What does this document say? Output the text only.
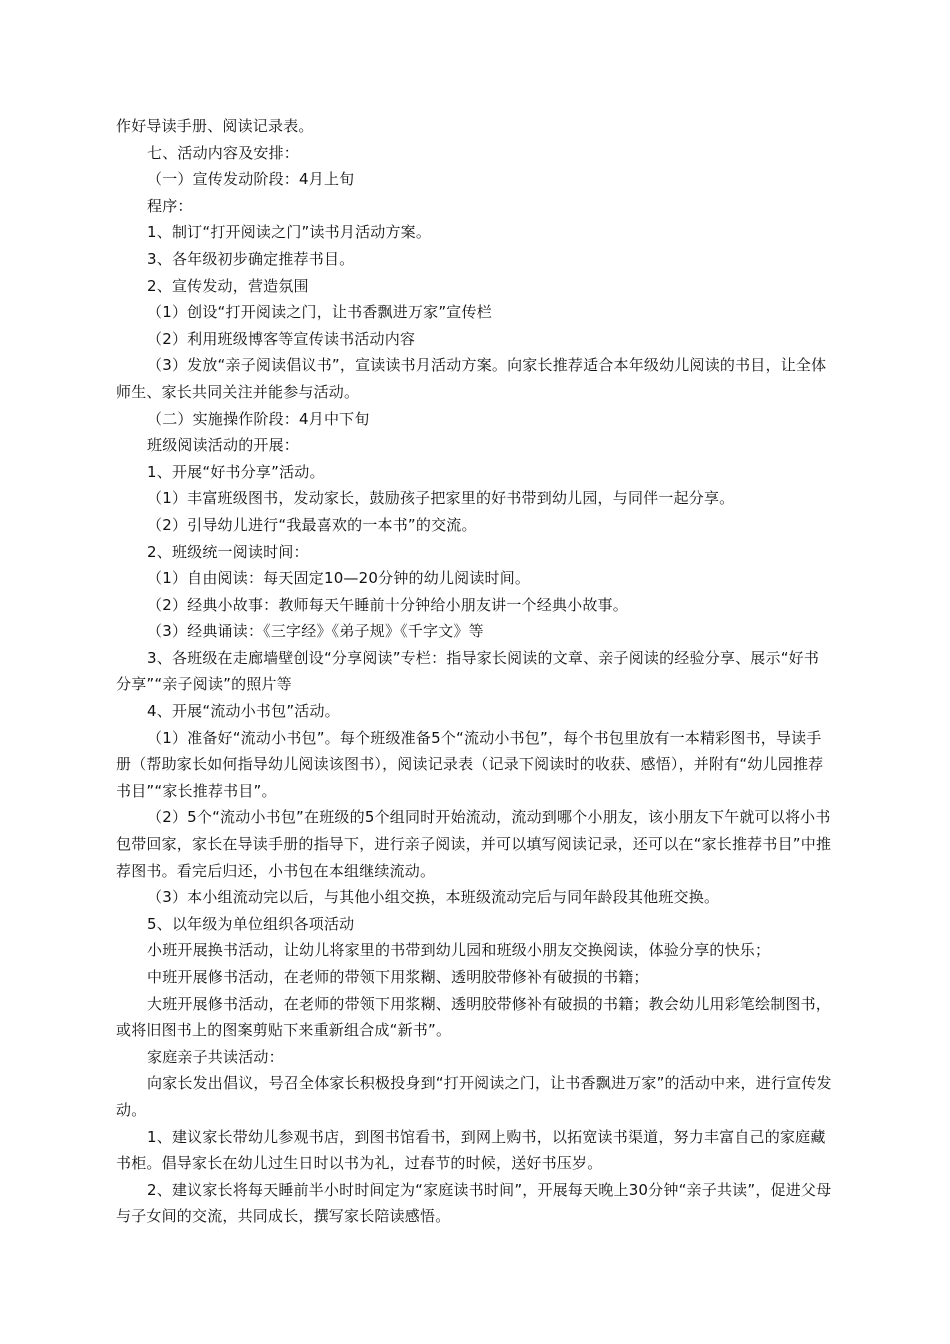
作好导读手册、阅读记录表。

七、活动内容及安排：

（一）宣传发动阶段：4月上旬

程序：

1、制订“打开阅读之门”读书月活动方案。

3、各年级初步确定推荐书目。

2、宣传发动，营造氛围

（1）创设“打开阅读之门，让书香飘进万家”宣传栏

（2）利用班级博客等宣传读书活动内容

（3）发放“亲子阅读倡议书”，宣读读书月活动方案。向家长推荐适合本年级幼儿阅读的书目，让全体师生、家长共同关注并能参与活动。

（二）实施操作阶段：4月中下旬

班级阅读活动的开展：

1、开展“好书分享”活动。

（1）丰富班级图书，发动家长，鼓励孩子把家里的好书带到幼儿园，与同伴一起分享。

（2）引导幼儿进行“我最喜欢的一本书”的交流。

2、班级统一阅读时间：

（1）自由阅读：每天固定10—20分钟的幼儿阅读时间。

（2）经典小故事：教师每天午睡前十分钟给小朋友讲一个经典小故事。

（3）经典诵读：《三字经》《弟子规》《千字文》等

3、各班级在走廊墙壁创设“分享阅读”专栏：指导家长阅读的文章、亲子阅读的经验分享、展示“好书分享”“亲子阅读”的照片等

4、开展“流动小书包”活动。

（1）准备好“流动小书包”。每个班级准备5个“流动小书包”，每个书包里放有一本精彩图书，导读手册（帮助家长如何指导幼儿阅读该图书），阅读记录表（记录下阅读时的收获、感悟），并附有“幼儿园推荐书目”“家长推荐书目”。

（2）5个“流动小书包”在班级的5个组同时开始流动，流动到哪个小朋友，该小朋友下午就可以将小书包带回家，家长在导读手册的指导下，进行亲子阅读，并可以填写阅读记录，还可以在“家长推荐书目”中推荐图书。看完后归还，小书包在本组继续流动。

（3）本小组流动完以后，与其他小组交换，本班级流动完后与同年龄段其他班交换。

5、以年级为单位组织各项活动

小班开展换书活动，让幼儿将家里的书带到幼儿园和班级小朋友交换阅读，体验分享的快乐；

中班开展修书活动，在老师的带领下用浆糊、透明胶带修补有破损的书籍；

大班开展修书活动，在老师的带领下用浆糊、透明胶带修补有破损的书籍；教会幼儿用彩笔绘制图书，或将旧图书上的图案剪贴下来重新组合成“新书”。

家庭亲子共读活动：

向家长发出倡议，号召全体家长积极投身到“打开阅读之门，让书香飘进万家”的活动中来，进行宣传发动。

1、建议家长带幼儿参观书店，到图书馆看书，到网上购书，以拓宽读书渠道，努力丰富自己的家庭藏书柜。倡导家长在幼儿过生日时以书为礼，过春节的时候，送好书压岁。

2、建议家长将每天睡前半小时时间定为“家庭读书时间”，开展每天晚上30分钟“亲子共读”，促进父母与子女间的交流，共同成长，撰写家长陪读感悟。
